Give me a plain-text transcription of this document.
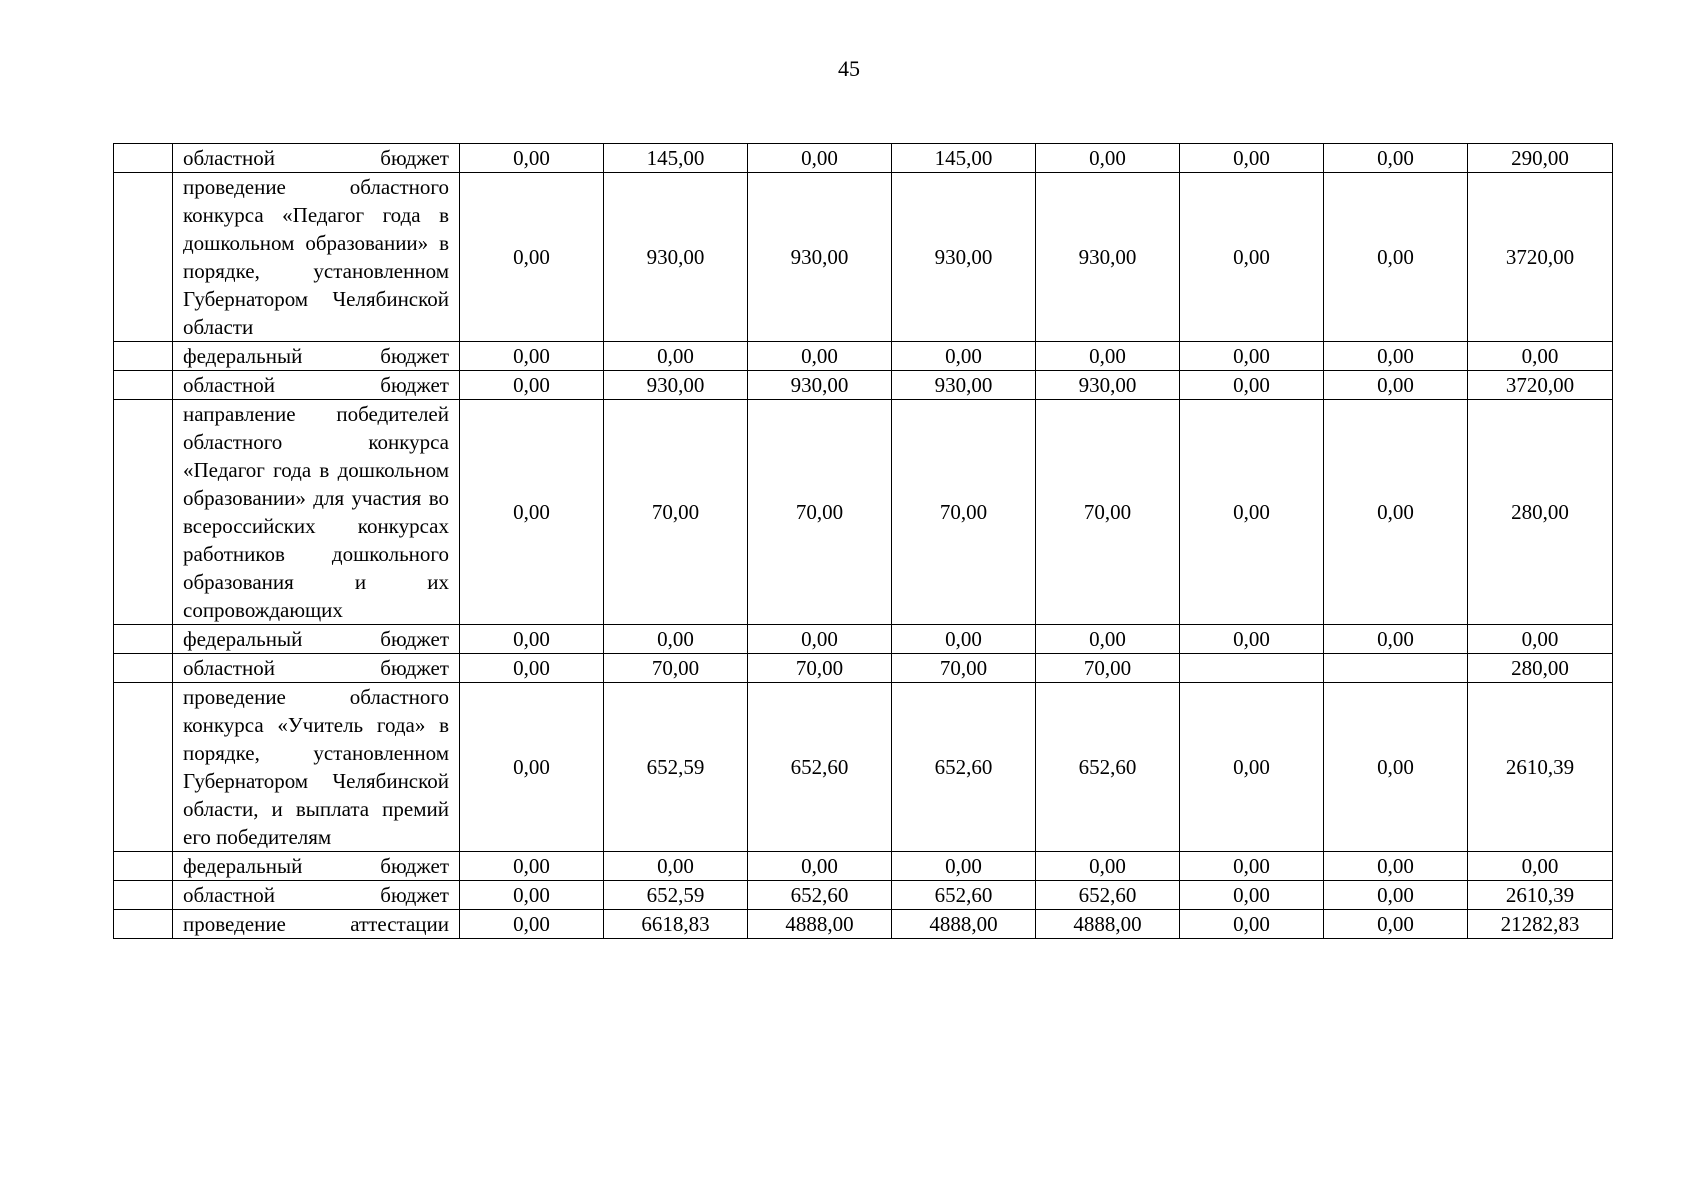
45
	областной бюджет	0,00	145,00	0,00	145,00	0,00	0,00	0,00	290,00
	проведение областного конкурса «Педагог года в дошкольном образовании» в порядке, установленном Губернатором Челябинской области	0,00	930,00	930,00	930,00	930,00	0,00	0,00	3720,00
	федеральный бюджет	0,00	0,00	0,00	0,00	0,00	0,00	0,00	0,00
	областной бюджет	0,00	930,00	930,00	930,00	930,00	0,00	0,00	3720,00
	направление победителей областного конкурса «Педагог года в дошкольном образовании» для участия во всероссийских конкурсах работников дошкольного образования и их сопровождающих	0,00	70,00	70,00	70,00	70,00	0,00	0,00	280,00
	федеральный бюджет	0,00	0,00	0,00	0,00	0,00	0,00	0,00	0,00
	областной бюджет	0,00	70,00	70,00	70,00	70,00			280,00
	проведение областного конкурса «Учитель года» в порядке, установленном Губернатором Челябинской области, и выплата премий его победителям	0,00	652,59	652,60	652,60	652,60	0,00	0,00	2610,39
	федеральный бюджет	0,00	0,00	0,00	0,00	0,00	0,00	0,00	0,00
	областной бюджет	0,00	652,59	652,60	652,60	652,60	0,00	0,00	2610,39
	проведение аттестации	0,00	6618,83	4888,00	4888,00	4888,00	0,00	0,00	21282,83
